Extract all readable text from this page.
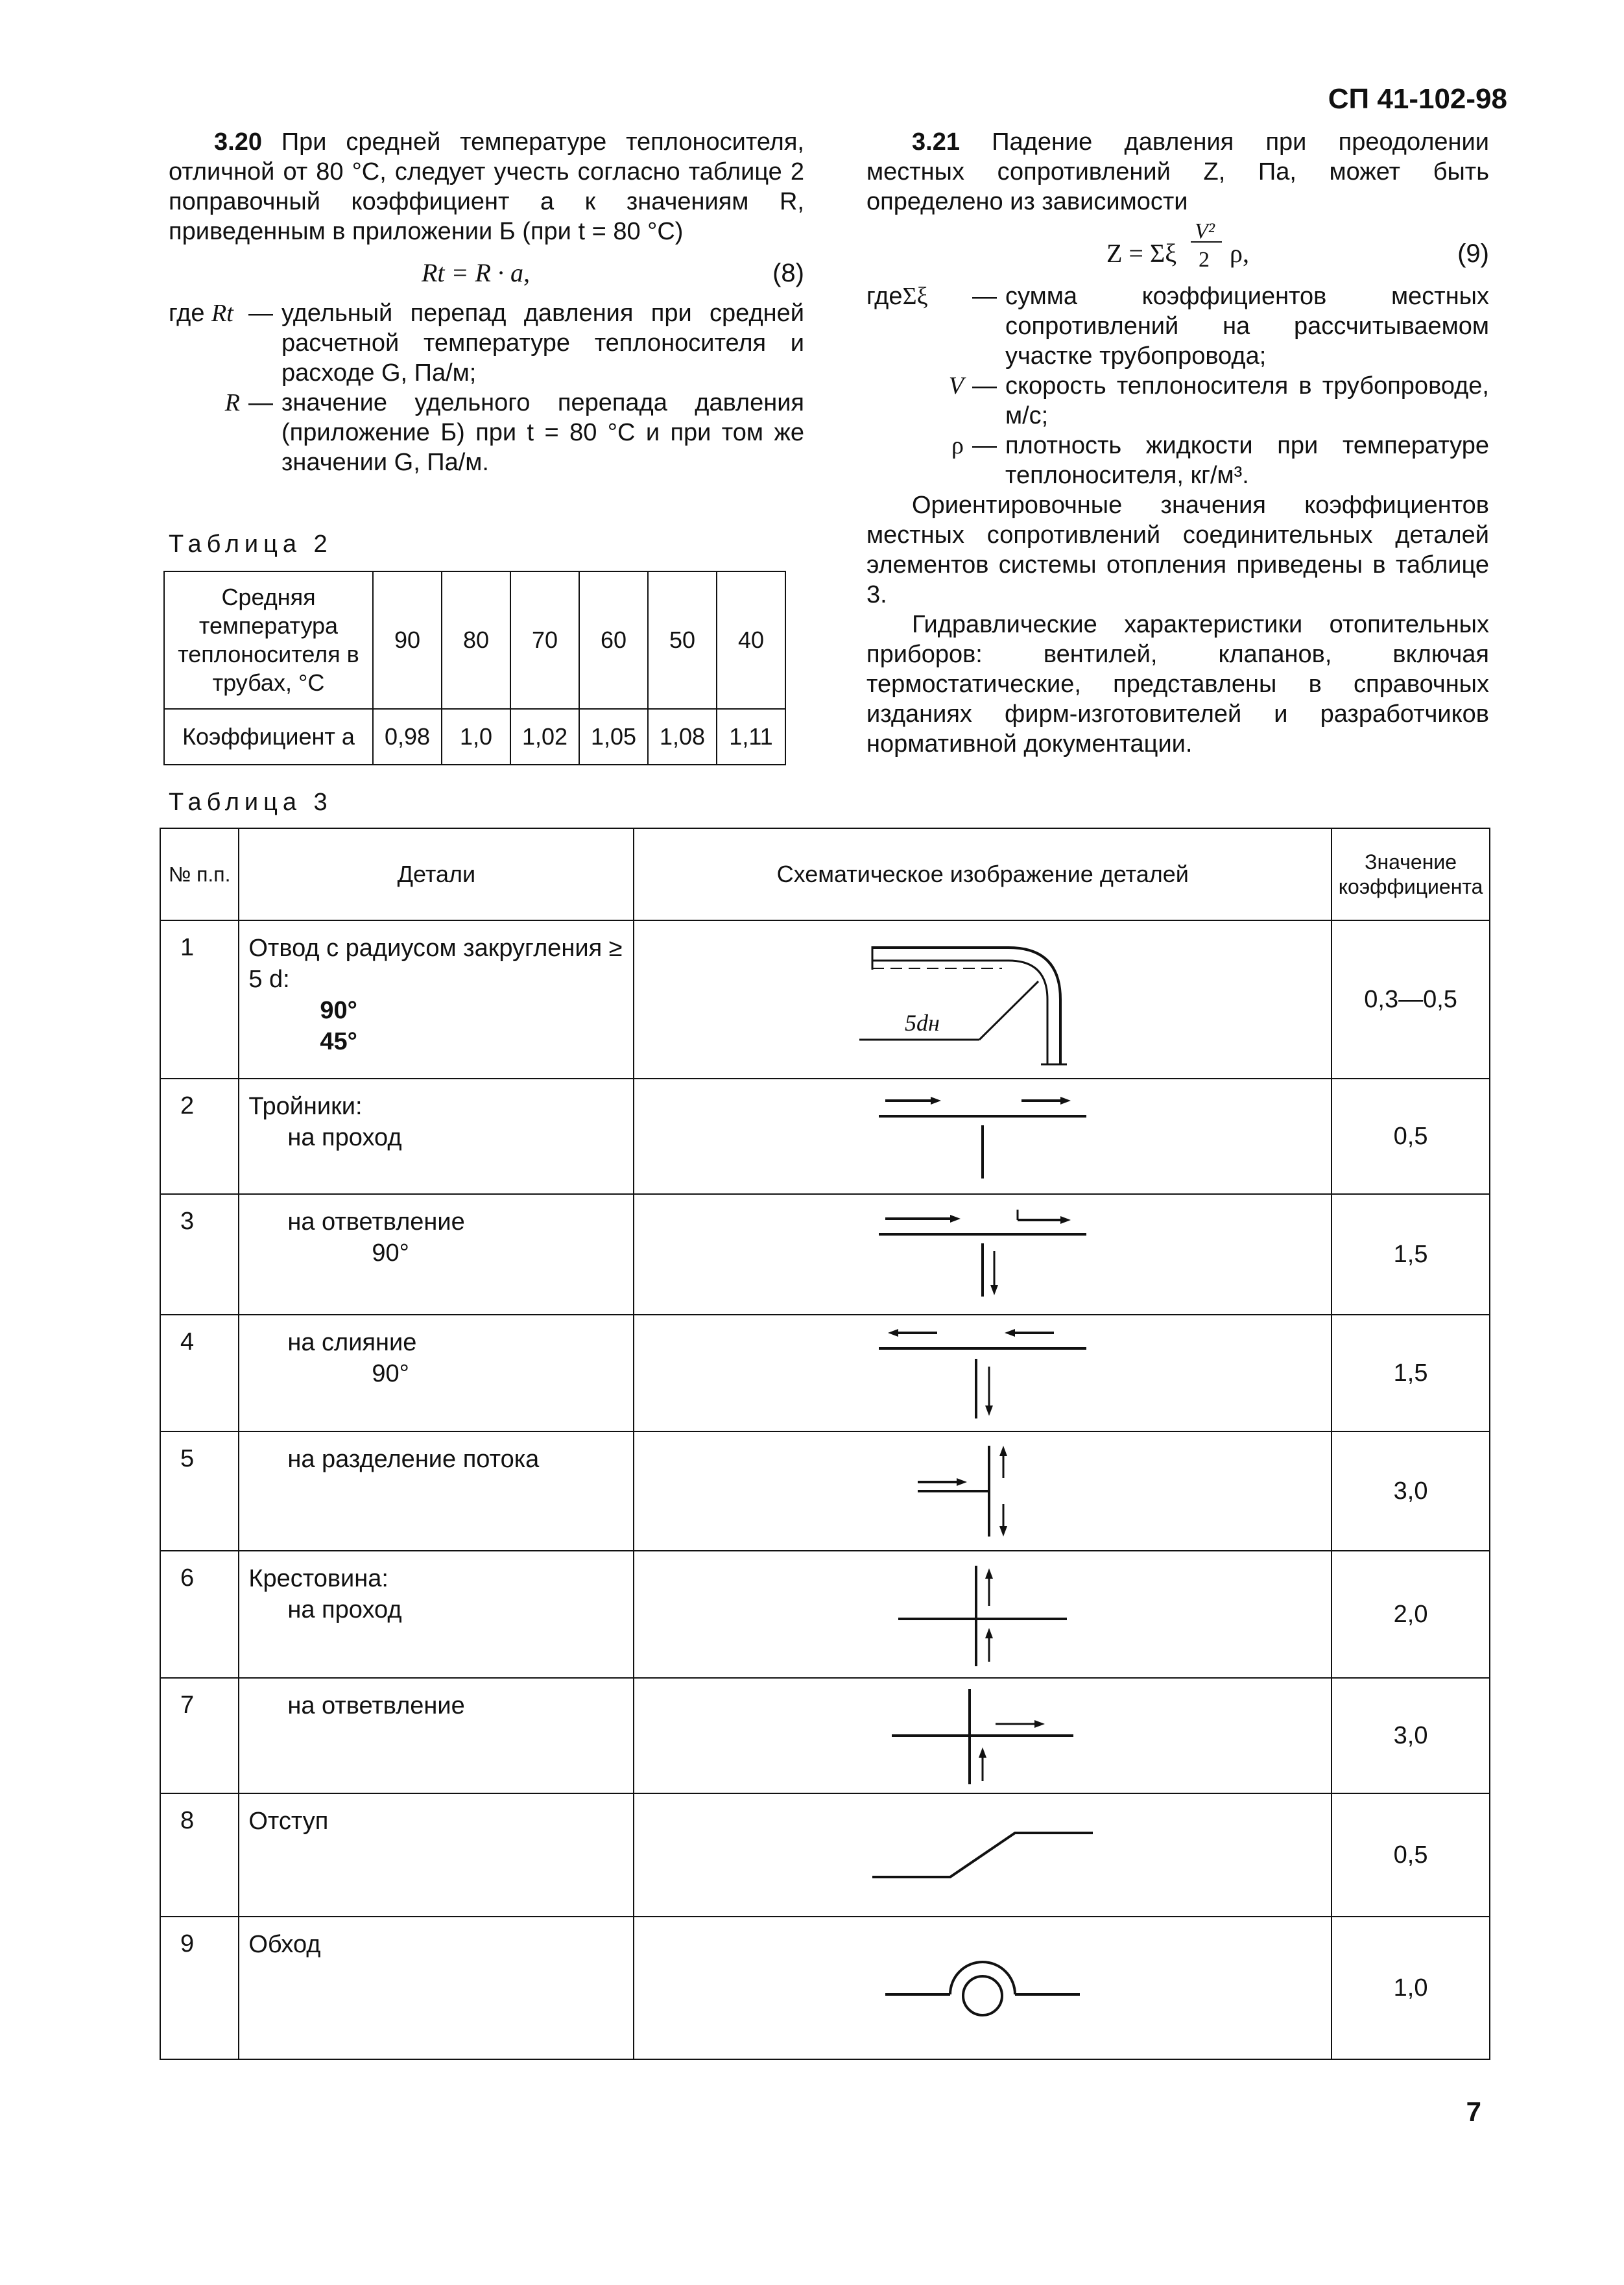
СП 41-102-98

3.20 При средней температуре теплоносителя, отличной от 80 °С, следует учесть согласно таблице 2 поправочный коэффициент a к значениям R, приведенным в приложении Б (при t = 80 °С)

Rt = R · a,	(8)
где Rt — удельный перепад давления при средней расчетной температуре теплоносителя и расходе G, Па/м;
R — значение удельного перепада давления (приложение Б) при t = 80 °С и при том же значении G, Па/м.
Таблица 2
Средняя температура теплоносителя в трубах, °С	90	80	70	60	50	40
Коэффициент а	0,98	1,0	1,02	1,05	1,08	1,11

3.21 Падение давления при преодолении местных сопротивлений Z, Па, может быть определено из зависимости

Z = Σξ
V²
2 ρ,	(9)
гдеΣξ	— сумма коэффициентов местных сопротивлений на рассчитываемом участке трубопровода;
V — скорость теплоносителя в трубопроводе, м/с;
ρ — плотность жидкости при температуре теплоносителя, кг/м³.

Ориентировочные значения коэффициентов местных сопротивлений соединительных деталей элементов системы отопления приведены в таблице 3.

Гидравлические характеристики отопительных приборов: вентилей, клапанов, включая термостатические, представлены в справочных изданиях фирм-изготовителей и разработчиков нормативной документации.

Таблица 3
№ п.п.	Детали	Схематическое изображение деталей	Значение коэффициента
1	Отвод с радиусом закругления ≥ 5 d:
90°
45°	5dн	0,3—0,5
2	Тройники:
на проход		0,5
3	на ответвление
90°		1,5
4	на слияние
90°		1,5
5	на разделение потока		3,0
6	Крестовина:
на проход		2,0
7	на ответвление		3,0
8	Отступ		0,5
9	Обход		1,0
7
